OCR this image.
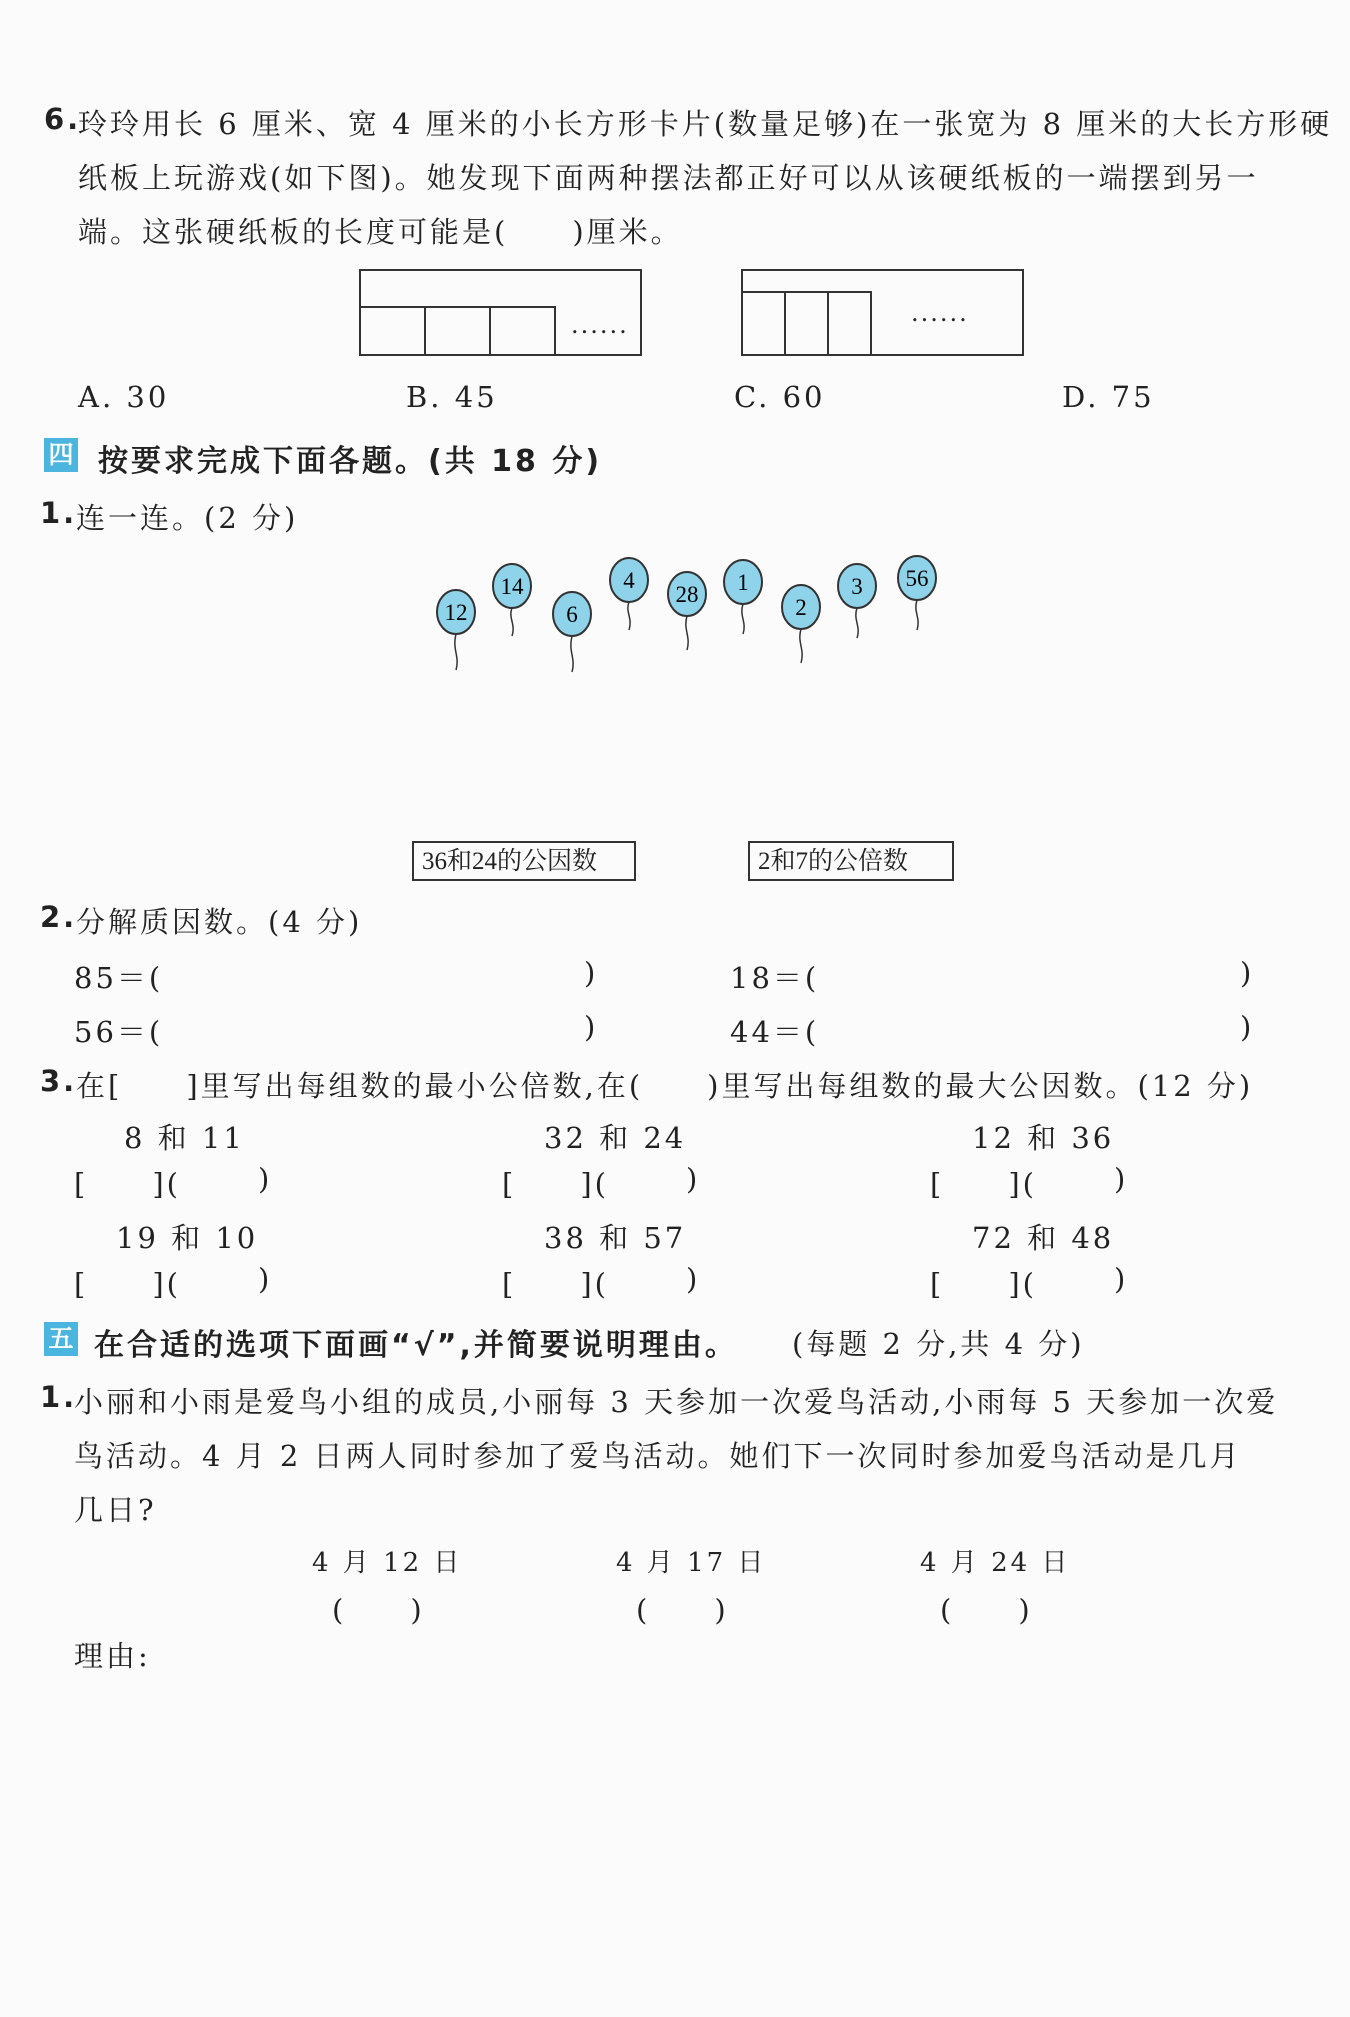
6.
玲玲用长 6 厘米、宽 4 厘米的小长方形卡片(数量足够)在一张宽为 8 厘米的大长方形硬
纸板上玩游戏(如下图)。她发现下面两种摆法都正好可以从该硬纸板的一端摆到另一
端。这张硬纸板的长度可能是(　　)厘米。
......	......
A. 30	B. 45	C. 60	D. 75
四 按要求完成下面各题。(共 18 分)
1.
连一连。(2 分)
12
14
6
4
28 1
2
3 56
36和24的公因数	2和7的公倍数
2.
分解质因数。(4 分)
85＝(	)	18＝(	)
56＝(	)	44＝(	)
3.
在[　　]里写出每组数的最小公倍数,在(　　)里写出每组数的最大公因数。(12 分)
8 和 11	32 和 24	12 和 36
[　　](	)	[　　](	)	[　　](	)
19 和 10	38 和 57	72 和 48
[　　](	)	[　　](	)	[　　](	)
五 在合适的选项下面画“√”,并简要说明理由。 (每题 2 分,共 4 分)
1.
小丽和小雨是爱鸟小组的成员,小丽每 3 天参加一次爱鸟活动,小雨每 5 天参加一次爱
鸟活动。4 月 2 日两人同时参加了爱鸟活动。她们下一次同时参加爱鸟活动是几月
几日?
4 月 12 日	4 月 17 日	4 月 24 日
(　　)	(　　)	(　　)
理由:
